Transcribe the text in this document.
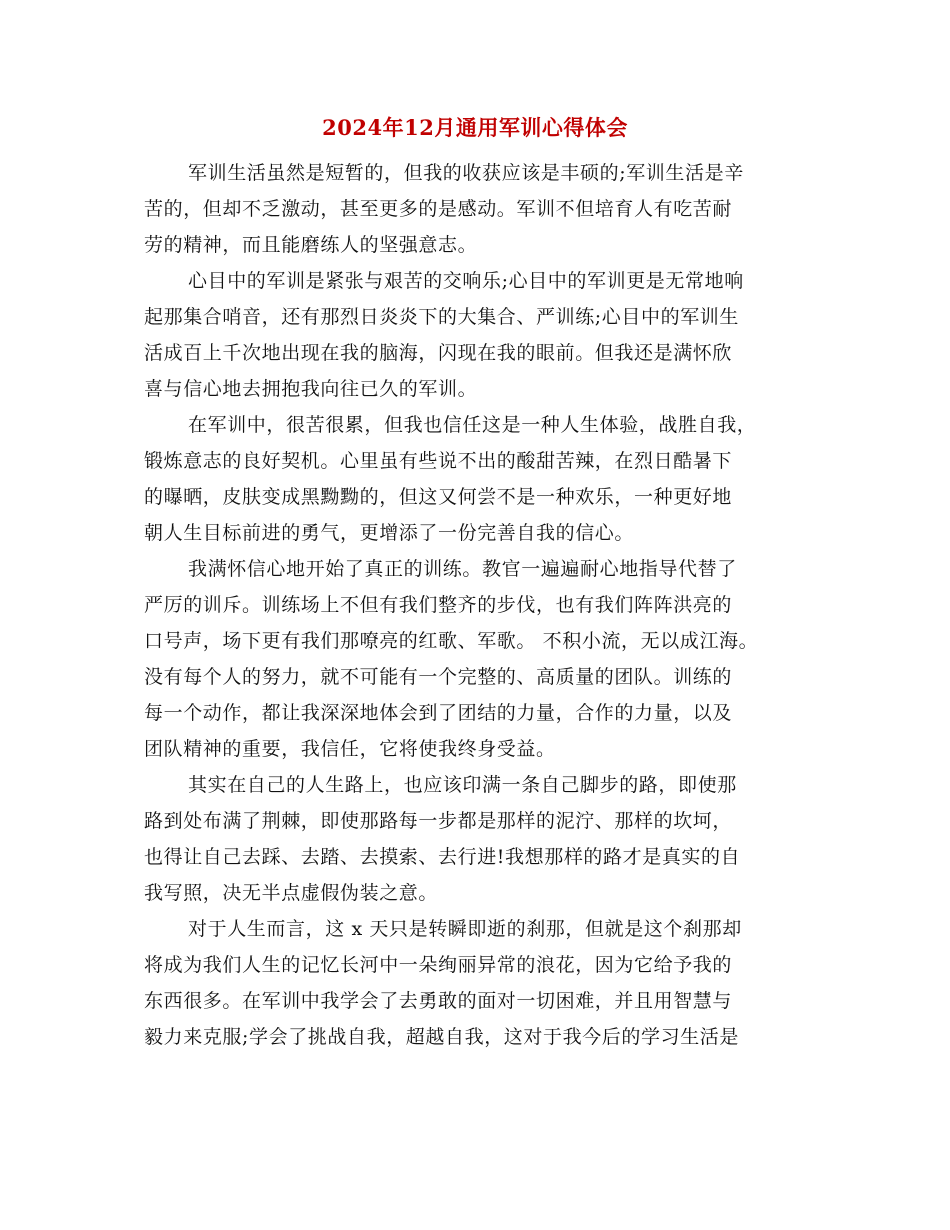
2024年12月通用军训心得体会
军训生活虽然是短暂的，但我的收获应该是丰硕的;军训生活是辛
苦的，但却不乏激动，甚至更多的是感动。军训不但培育人有吃苦耐
劳的精神，而且能磨练人的坚强意志。
心目中的军训是紧张与艰苦的交响乐;心目中的军训更是无常地响
起那集合哨音，还有那烈日炎炎下的大集合、严训练;心目中的军训生
活成百上千次地出现在我的脑海，闪现在我的眼前。但我还是满怀欣
喜与信心地去拥抱我向往已久的军训。
在军训中，很苦很累，但我也信任这是一种人生体验，战胜自我，
锻炼意志的良好契机。心里虽有些说不出的酸甜苦辣，在烈日酷暑下
的曝晒，皮肤变成黑黝黝的，但这又何尝不是一种欢乐，一种更好地
朝人生目标前进的勇气，更增添了一份完善自我的信心。
我满怀信心地开始了真正的训练。教官一遍遍耐心地指导代替了
严厉的训斥。训练场上不但有我们整齐的步伐，也有我们阵阵洪亮的
口号声，场下更有我们那嘹亮的红歌、军歌。 不积小流，无以成江海。
没有每个人的努力，就不可能有一个完整的、高质量的团队。训练的
每一个动作，都让我深深地体会到了团结的力量，合作的力量，以及
团队精神的重要，我信任，它将使我终身受益。
其实在自己的人生路上，也应该印满一条自己脚步的路，即使那
路到处布满了荆棘，即使那路每一步都是那样的泥泞、那样的坎坷，
也得让自己去踩、去踏、去摸索、去行进!我想那样的路才是真实的自
我写照，决无半点虚假伪装之意。
对于人生而言，这 x 天只是转瞬即逝的刹那，但就是这个刹那却
将成为我们人生的记忆长河中一朵绚丽异常的浪花，因为它给予我的
东西很多。在军训中我学会了去勇敢的面对一切困难，并且用智慧与
毅力来克服;学会了挑战自我，超越自我，这对于我今后的学习生活是
